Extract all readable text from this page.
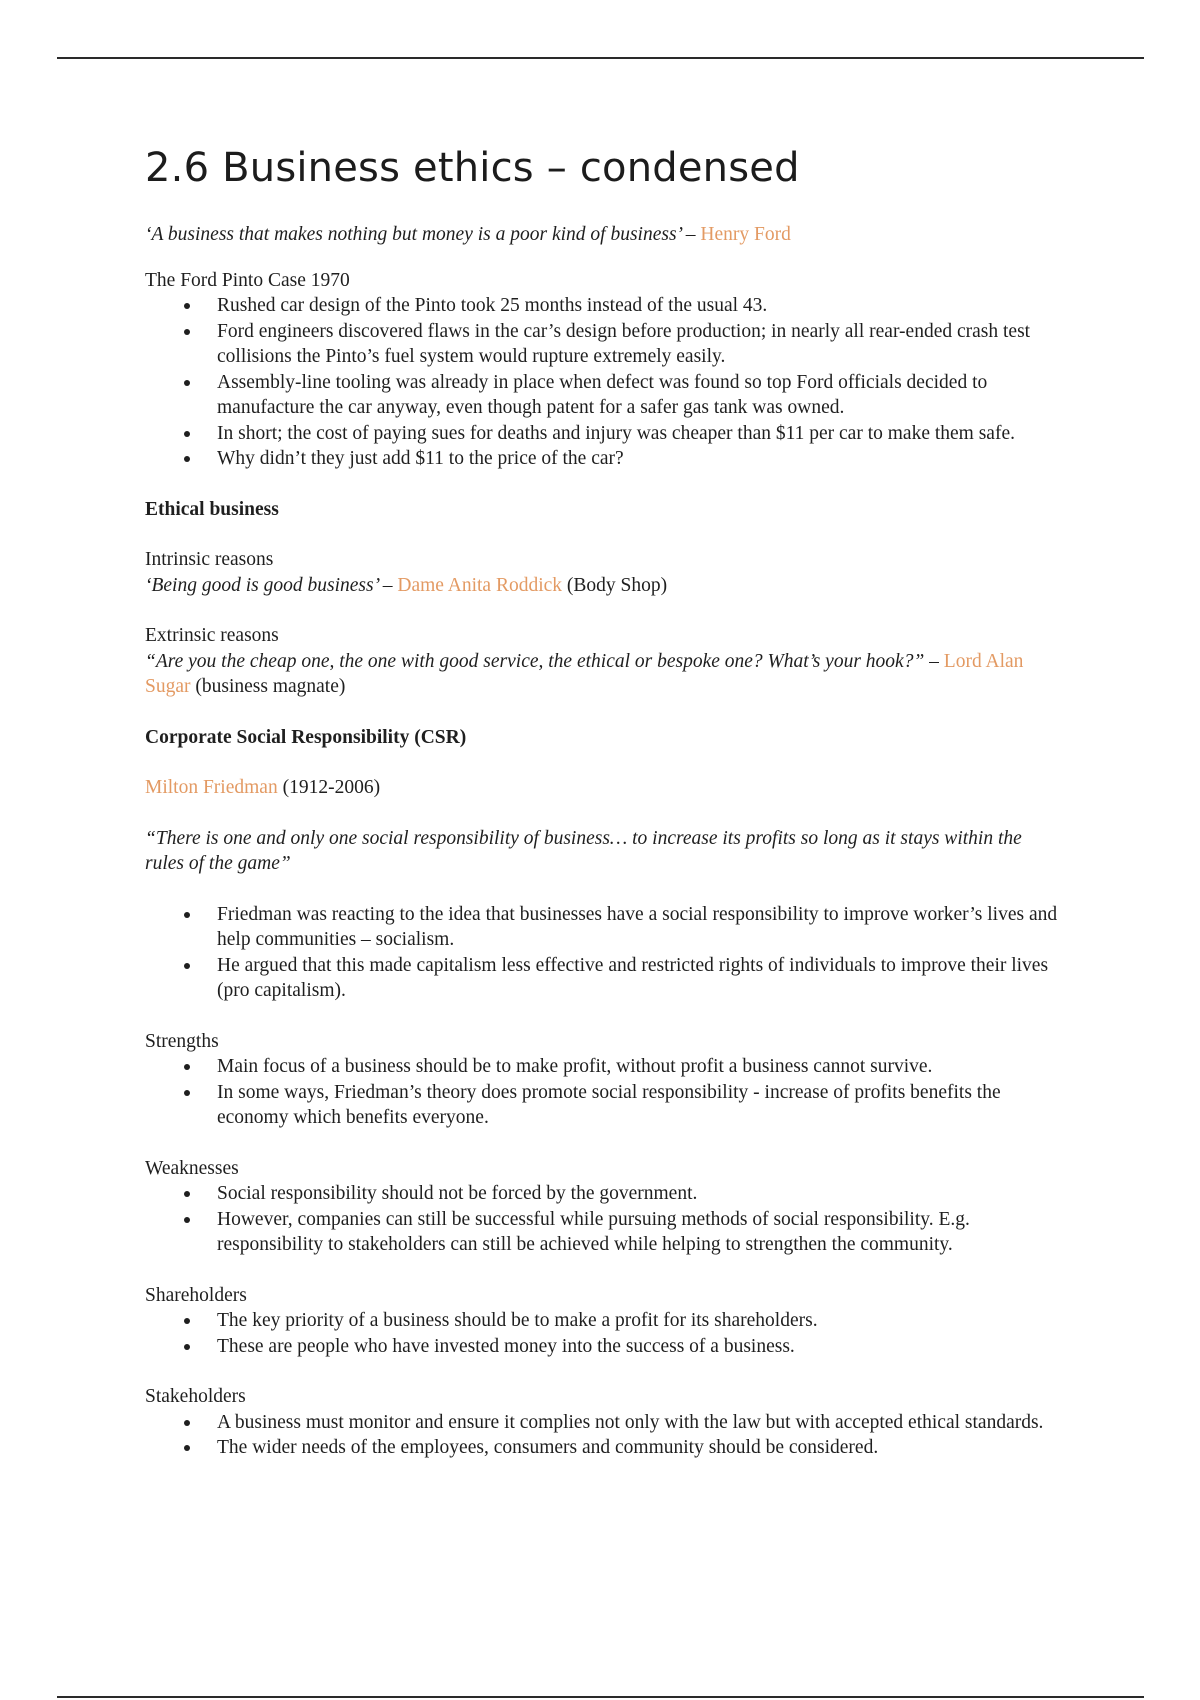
2.6 Business ethics – condensed

‘A business that makes nothing but money is a poor kind of business’ – Henry Ford

The Ford Pinto Case 1970

Rushed car design of the Pinto took 25 months instead of the usual 43.
Ford engineers discovered flaws in the car’s design before production; in nearly all rear-ended crash test collisions the Pinto’s fuel system would rupture extremely easily.
Assembly-line tooling was already in place when defect was found so top Ford officials decided to manufacture the car anyway, even though patent for a safer gas tank was owned.
In short; the cost of paying sues for deaths and injury was cheaper than $11 per car to make them safe.
Why didn’t they just add $11 to the price of the car?

Ethical business

Intrinsic reasons

‘Being good is good business’ – Dame Anita Roddick (Body Shop)

Extrinsic reasons

“Are you the cheap one, the one with good service, the ethical or bespoke one? What’s your hook?” – Lord Alan Sugar (business magnate)

Corporate Social Responsibility (CSR)

Milton Friedman (1912-2006)

“There is one and only one social responsibility of business… to increase its profits so long as it stays within the rules of the game”

Friedman was reacting to the idea that businesses have a social responsibility to improve worker’s lives and help communities – socialism.
He argued that this made capitalism less effective and restricted rights of individuals to improve their lives (pro capitalism).

Strengths

Main focus of a business should be to make profit, without profit a business cannot survive.
In some ways, Friedman’s theory does promote social responsibility - increase of profits benefits the economy which benefits everyone.

Weaknesses

Social responsibility should not be forced by the government.
However, companies can still be successful while pursuing methods of social responsibility. E.g. responsibility to stakeholders can still be achieved while helping to strengthen the community.

Shareholders

The key priority of a business should be to make a profit for its shareholders.
These are people who have invested money into the success of a business.

Stakeholders

A business must monitor and ensure it complies not only with the law but with accepted ethical standards.
The wider needs of the employees, consumers and community should be considered.
